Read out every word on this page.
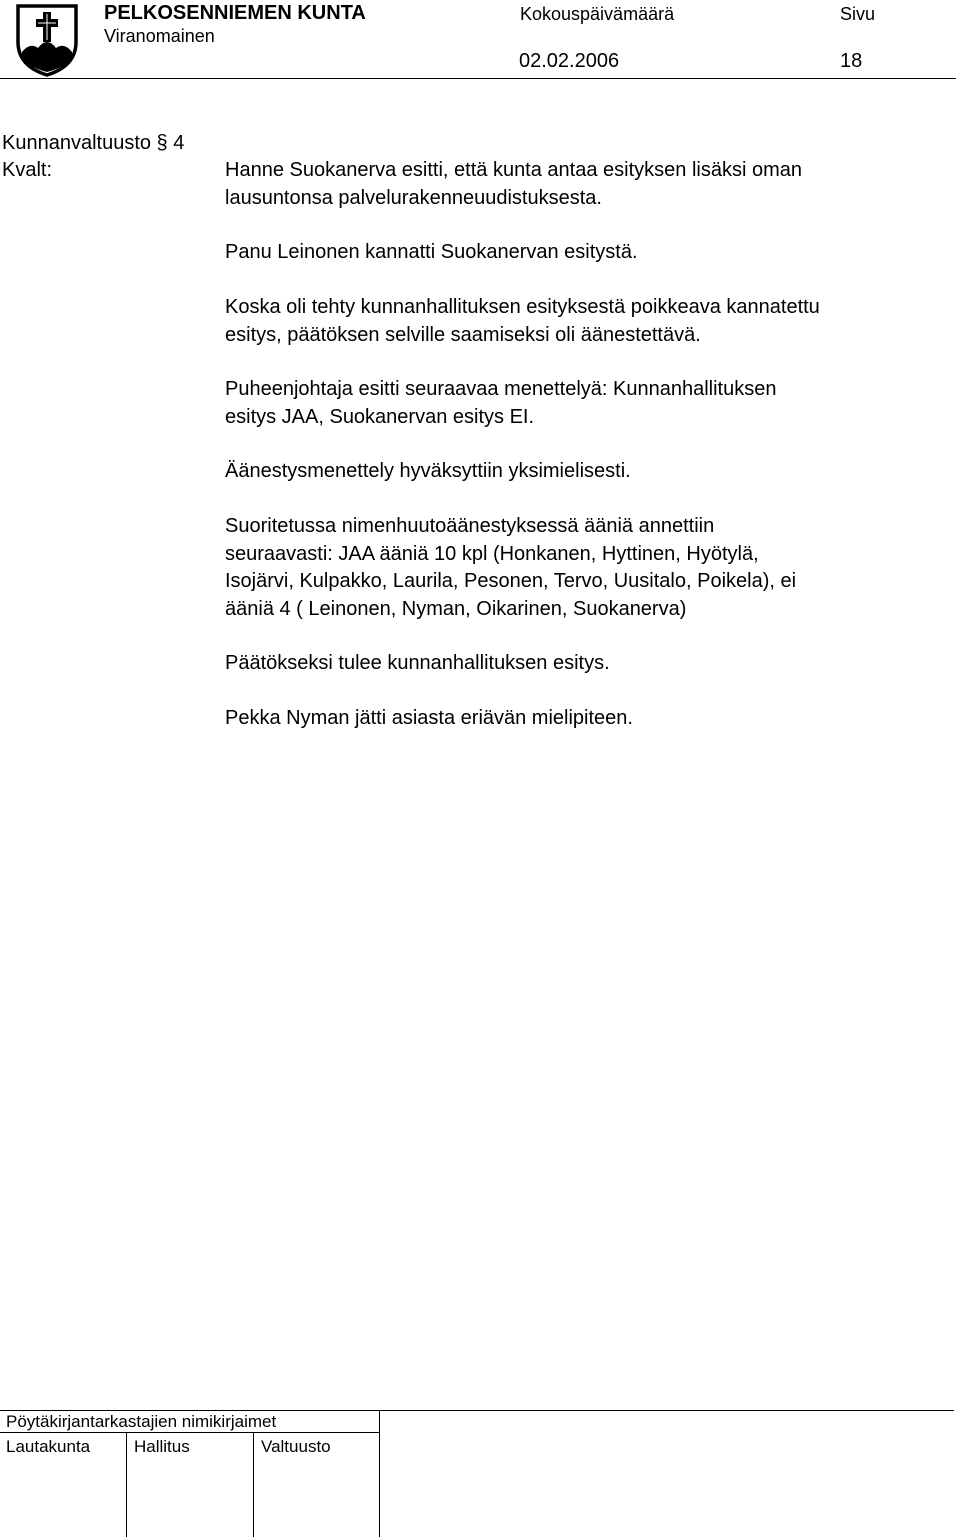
PELKOSENNIEMEN KUNTA
Viranomainen
Kokouspäivämäärä	Sivu
02.02.2006	18
Kunnanvaltuusto § 4
Kvalt:	Hanne Suokanerva esitti, että kunta antaa esityksen lisäksi oman
lausuntonsa palvelurakenneuudistuksesta.
Panu Leinonen kannatti Suokanervan esitystä.
Koska oli tehty kunnanhallituksen esityksestä poikkeava kannatettu
esitys, päätöksen selville saamiseksi oli äänestettävä.
Puheenjohtaja esitti seuraavaa menettelyä: Kunnanhallituksen
esitys JAA, Suokanervan esitys EI.
Äänestysmenettely hyväksyttiin yksimielisesti.
Suoritetussa nimenhuutoäänestyksessä ääniä annettiin
seuraavasti: JAA ääniä 10 kpl (Honkanen, Hyttinen, Hyötylä,
Isojärvi, Kulpakko, Laurila, Pesonen, Tervo, Uusitalo, Poikela), ei
ääniä 4 ( Leinonen, Nyman, Oikarinen, Suokanerva)
Päätökseksi tulee kunnanhallituksen esitys.
Pekka Nyman jätti asiasta eriävän mielipiteen.
Pöytäkirjantarkastajien nimikirjaimet
Lautakunta	Hallitus	Valtuusto
